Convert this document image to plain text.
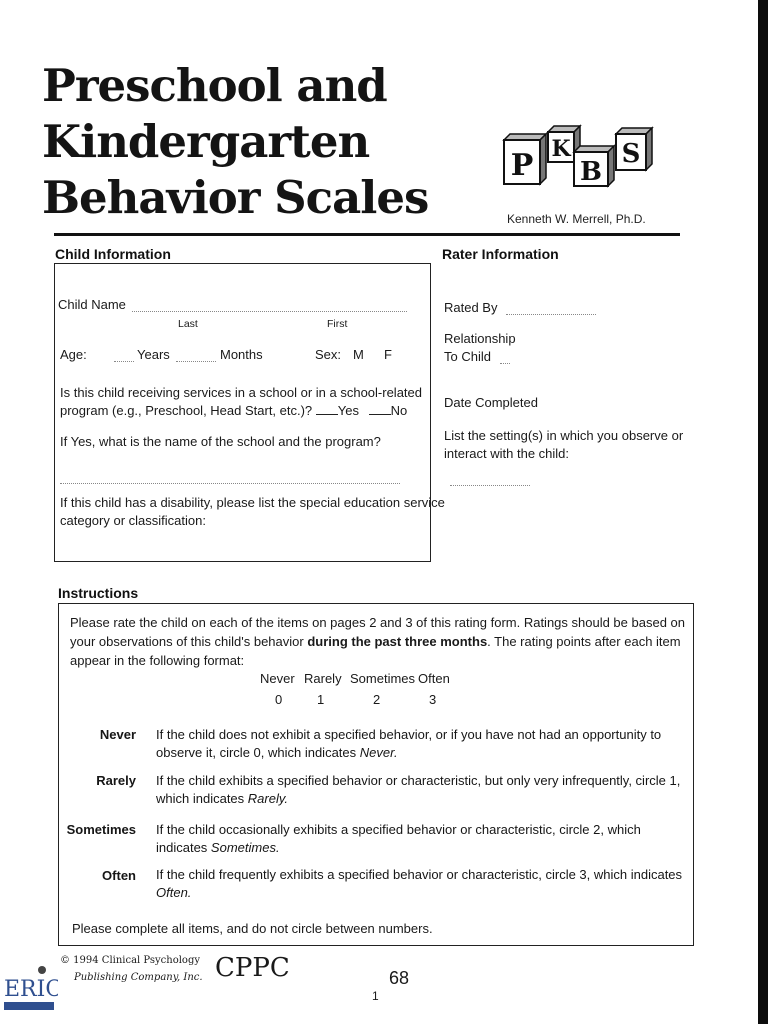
Preschool and
Kindergarten
Behavior Scales
P K
B
S
Kenneth W. Merrell, Ph.D.
Child Information	Rater Information
Child Name
Last	First
Age:	Years	Months	Sex: M F
Is this child receiving services in a school or in a school-related
program (e.g., Preschool, Head Start, etc.)? Yes No
If Yes, what is the name of the school and the program?
If this child has a disability, please list the special education service
category or classification:
Rated By
Relationship
To Child
Date Completed
List the setting(s) in which you observe or
interact with the child:
Instructions
Please rate the child on each of the items on pages 2 and 3 of this rating form. Ratings should be based on
your observations of this child's behavior during the past three months. The rating points after each item
appear in the following format:
Never Rarely Sometimes Often
0	1	2	3
Never If the child does not exhibit a specified behavior, or if you have not had an opportunity to observe it, circle 0, which indicates Never.
Rarely If the child exhibits a specified behavior or characteristic, but only very infrequently, circle 1, which indicates Rarely.
Sometimes If the child occasionally exhibits a specified behavior or characteristic, circle 2, which indicates Sometimes.
Often If the child frequently exhibits a specified behavior or characteristic, circle 3, which indicates Often.
Please complete all items, and do not circle between numbers.
© 1994 Clinical Psychology
Publishing Company, Inc. CPPC
1
68
ERIC
